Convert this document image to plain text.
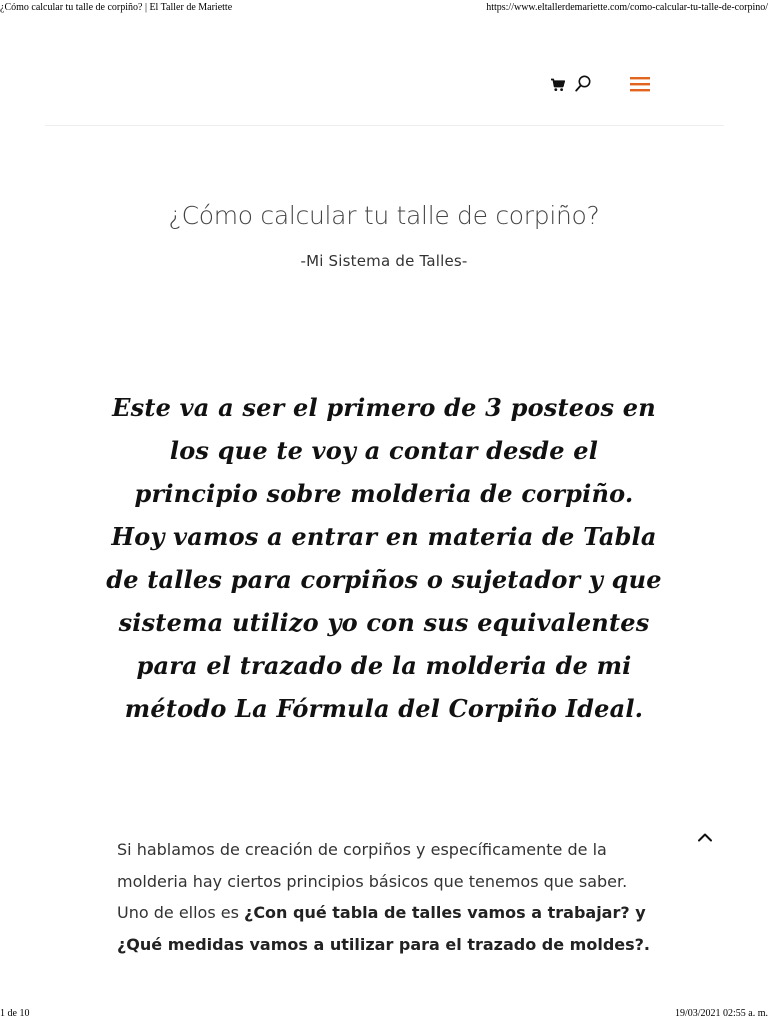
¿Cómo calcular tu talle de corpiño? | El Taller de Mariette	https://www.eltallerdemariette.com/como-calcular-tu-talle-de-corpino/
¿Cómo calcular tu talle de corpiño?
-Mi Sistema de Talles-
Este va a ser el primero de 3 posteos en los que te voy a contar desde el principio sobre molderia de corpiño. Hoy vamos a entrar en materia de Tabla de talles para corpiños o sujetador y que sistema utilizo yo con sus equivalentes para el trazado de la molderia de mi método La Fórmula del Corpiño Ideal.

Si hablamos de creación de corpiños y específicamente de la molderia hay ciertos principios básicos que tenemos que saber. Uno de ellos es ¿Con qué tabla de talles vamos a trabajar? y ¿Qué medidas vamos a utilizar para el trazado de moldes?.

1 de 10	19/03/2021 02:55 a. m.
